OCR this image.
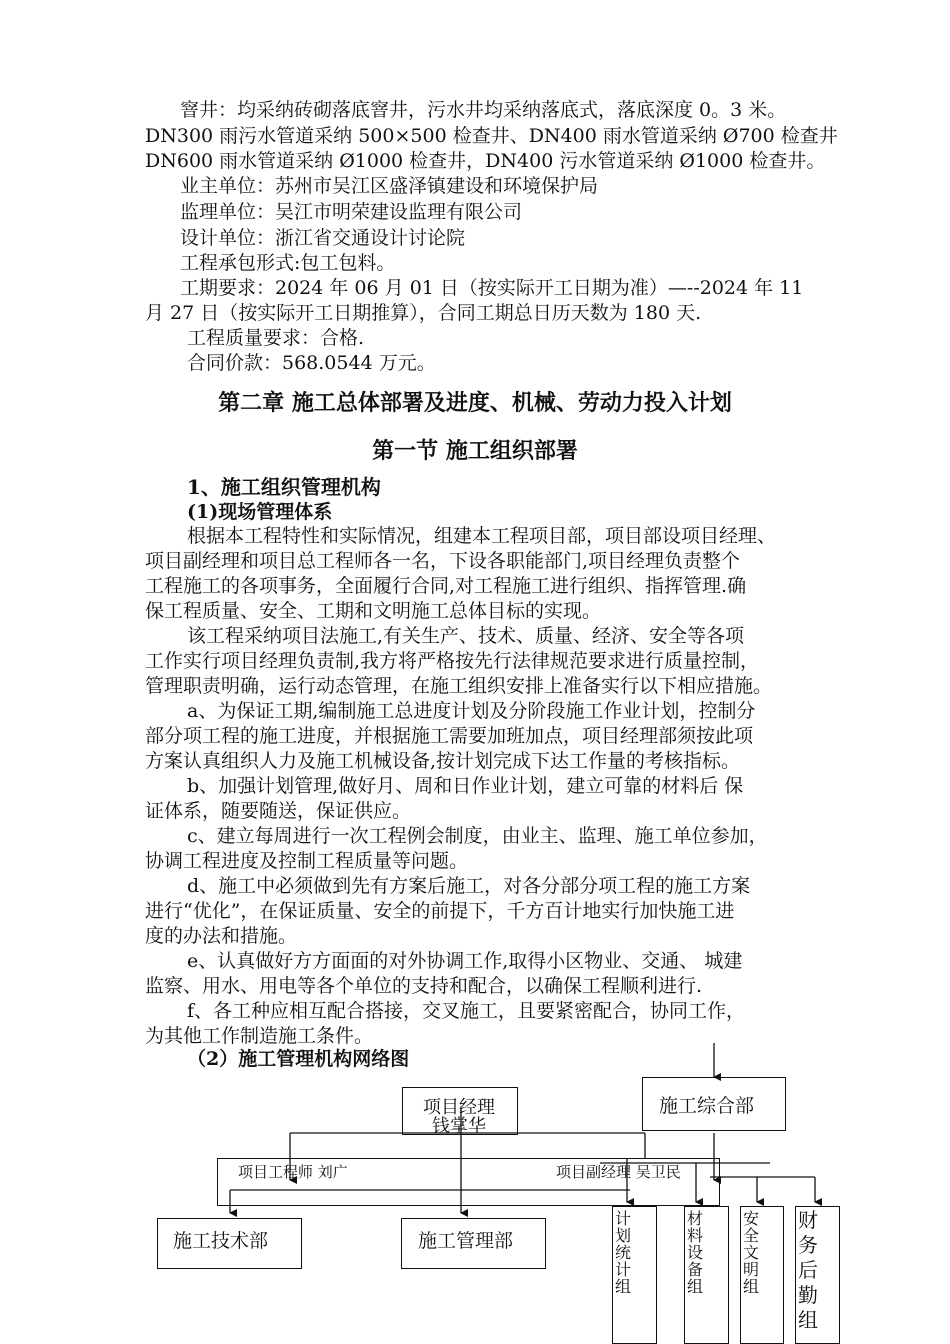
窨井：均采纳砖砌落底窨井，污水井均采纳落底式，落底深度 0。3 米。
DN300 雨污水管道采纳 500×500 检查井、DN400 雨水管道采纳 Ø700 检查井
DN600 雨水管道采纳 Ø1000 检查井，DN400 污水管道采纳 Ø1000 检查井。
业主单位：苏州市吴江区盛泽镇建设和环境保护局
监理单位：吴江市明荣建设监理有限公司
设计单位：浙江省交通设计讨论院
工程承包形式:包工包料。
工期要求：2024 年 06 月 01 日（按实际开工日期为准）—--2024 年 11
月 27 日（按实际开工日期推算），合同工期总日历天数为 180 天.
工程质量要求：合格.
合同价款：568.0544 万元。
第二章 施工总体部署及进度、机械、劳动力投入计划
第一节 施工组织部署
1、施工组织管理机构
(1)现场管理体系
根据本工程特性和实际情况，组建本工程项目部，项目部设项目经理、
项目副经理和项目总工程师各一名，下设各职能部门,项目经理负责整个
工程施工的各项事务，全面履行合同,对工程施工进行组织、指挥管理.确
保工程质量、安全、工期和文明施工总体目标的实现。
该工程采纳项目法施工,有关生产、技术、质量、经济、安全等各项
工作实行项目经理负责制,我方将严格按先行法律规范要求进行质量控制，
管理职责明确，运行动态管理，在施工组织安排上准备实行以下相应措施。
a、为保证工期,编制施工总进度计划及分阶段施工作业计划，控制分
部分项工程的施工进度，并根据施工需要加班加点，项目经理部须按此项
方案认真组织人力及施工机械设备,按计划完成下达工作量的考核指标。
b、加强计划管理,做好月、周和日作业计划，建立可靠的材料后 保
证体系，随要随送，保证供应。
c、建立每周进行一次工程例会制度，由业主、监理、施工单位参加，
协调工程进度及控制工程质量等问题。
d、施工中必须做到先有方案后施工，对各分部分项工程的施工方案
进行“优化”，在保证质量、安全的前提下，千方百计地实行加快施工进
度的办法和措施。
e、认真做好方方面面的对外协调工作,取得小区物业、交通、 城建
监察、用水、用电等各个单位的支持和配合，以确保工程顺利进行.
f、各工种应相互配合搭接，交叉施工，且要紧密配合，协同工作，
为其他工作制造施工条件。
（2）施工管理机构网络图
项目经理
钱掌华
施工综合部
项目工程师 刘广	项目副经理 吴卫民
施工技术部	施工管理部
计划统计组
材料设备组
安全文明组
财务后勤组
